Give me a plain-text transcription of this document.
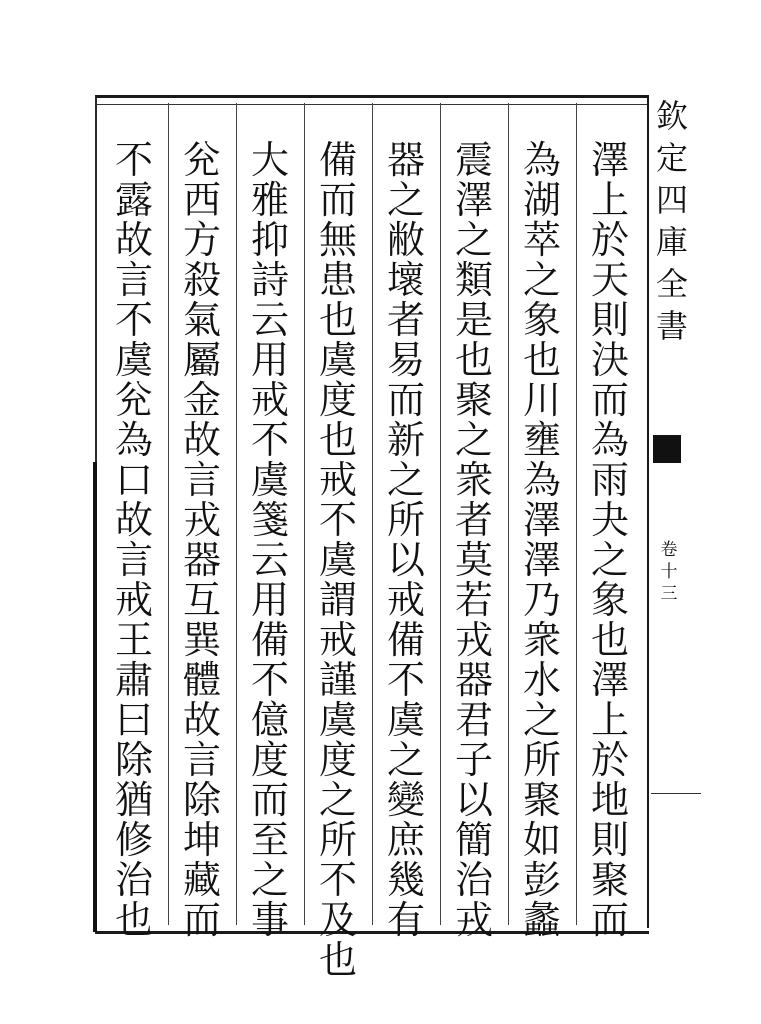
澤
上
於
天
則
決
而
為
雨
夬
之
象
也
澤
上
於
地
則
聚
而
為
湖
萃
之
象
也
川
壅
為
澤
澤
乃
衆
水
之
所
聚
如
彭
蠡
震
澤
之
類
是
也
聚
之
衆
者
莫
若
戎
器
君
子
以
簡
治
戎
器
之
敝
壞
者
易
而
新
之
所
以
戒
備
不
虞
之
變
庶
幾
有
備
而
無
患
也
虞
度
也
戒
不
虞
謂
戒
謹
虞
度
之
所
不
及
也
大
雅
抑
詩
云
用
戒
不
虞
箋
云
用
備
不
億
度
而
至
之
事
兊
西
方
殺
氣
屬
金
故
言
戎
器
互
巽
體
故
言
除
坤
藏
而
不
露
故
言
不
虞
兊
為
口
故
言
戒
王
肅
曰
除
猶
修
治
也
欽
定
四
庫
全
書
卷
十
三
